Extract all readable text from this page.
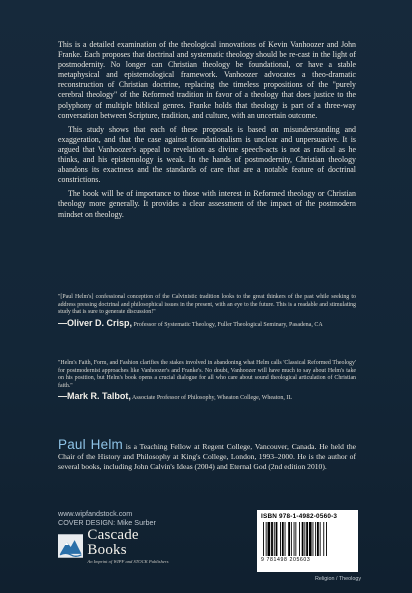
This is a detailed examination of the theological innovations of Kevin Vanhoozer and John Franke. Each proposes that doctrinal and systematic theology should be re-cast in the light of postmodernity. No longer can Christian theology be foundational, or have a stable metaphysical and epistemological framework. Vanhoozer advocates a theo-dramatic reconstruction of Christian doctrine, replacing the timeless propositions of the "purely cerebral theology" of the Reformed tradition in favor of a theology that does justice to the polyphony of multiple biblical genres. Franke holds that theology is part of a three-way conversation between Scripture, tradition, and culture, with an uncertain outcome.

This study shows that each of these proposals is based on misunderstanding and exaggeration, and that the case against foundationalism is unclear and unpersuasive. It is argued that Vanhoozer's appeal to revelation as divine speech-acts is not as radical as he thinks, and his epistemology is weak. In the hands of postmodernity, Christian theology abandons its exactness and the standards of care that are a notable feature of doctrinal constrictions.

The book will be of importance to those with interest in Reformed theology or Christian theology more generally. It provides a clear assessment of the impact of the postmodern mindset on theology.

"[Paul Helm's] confessional conception of the Calvinistic tradition looks to the great thinkers of the past while seeking to address pressing doctrinal and philosophical issues in the present, with an eye to the future. This is a readable and stimulating study that is sure to generate discussion!"
—Oliver D. Crisp, Professor of Systematic Theology, Fuller Theological Seminary, Pasadena, CA
"Helm's Faith, Form, and Fashion clarifies the stakes involved in abandoning what Helm calls 'Classical Reformed Theology' for postmodernist approaches like Vanhoozer's and Franke's. No doubt, Vanhoozer will have much to say about Helm's take on his position, but Helm's book opens a crucial dialogue for all who care about sound theological articulation of Christian faith."
—Mark R. Talbot, Associate Professor of Philosophy, Wheaton College, Wheaton, IL
Paul Helm is a Teaching Fellow at Regent College, Vancouver, Canada. He held the Chair of the History and Philosophy at King's College, London, 1993–2000. He is the author of several books, including John Calvin's Ideas (2004) and Eternal God (2nd edition 2010).
www.wipfandstock.com
COVER DESIGN: Mike Surber
Cascade Books
An Imprint of WIPF and STOCK Publishers
ISBN 978-1-4982-0560-3
9 781498 205603
Religion / Theology
